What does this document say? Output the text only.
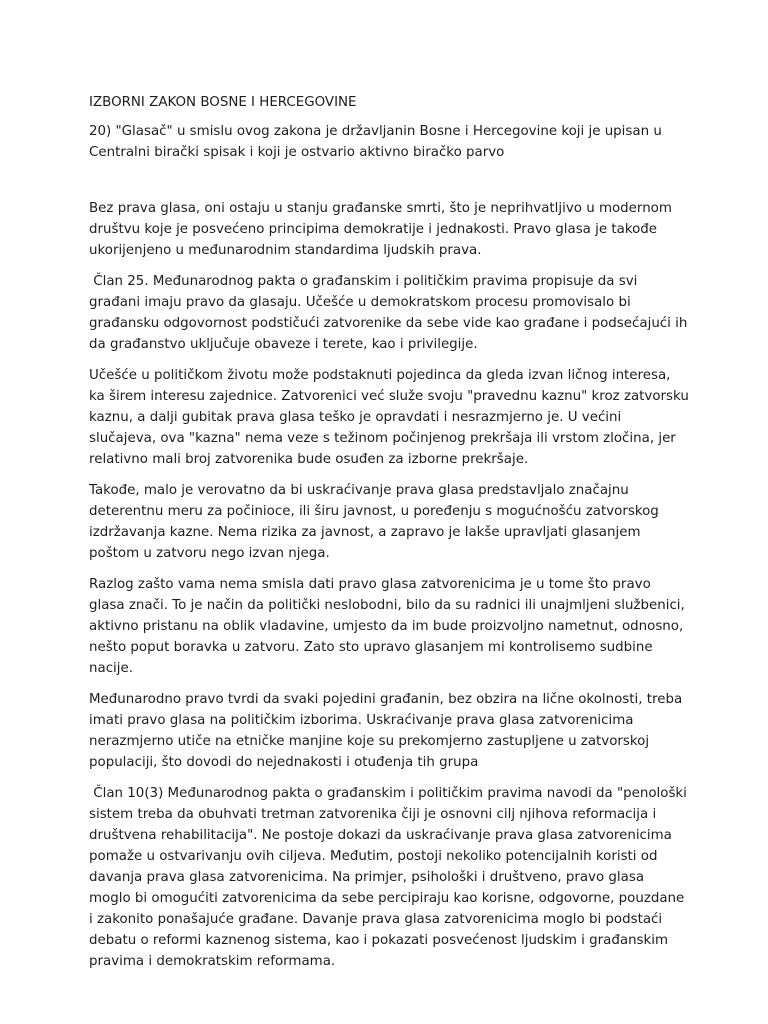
IZBORNI ZAKON BOSNE I HERCEGOVINE

20) "Glasač" u smislu ovog zakona je državljanin Bosne i Hercegovine koji je upisan u Centralni birački spisak i koji je ostvario aktivno biračko parvo

Bez prava glasa, oni ostaju u stanju građanske smrti, što je neprihvatljivo u modernom društvu koje je posvećeno principima demokratije i jednakosti. Pravo glasa je takođe ukorijenjeno u međunarodnim standardima ljudskih prava.

Član 25. Međunarodnog pakta o građanskim i političkim pravima propisuje da svi građani imaju pravo da glasaju. Učešće u demokratskom procesu promovisalo bi građansku odgovornost podstičući zatvorenike da sebe vide kao građane i podsećajući ih da građanstvo uključuje obaveze i terete, kao i privilegije.

Učešće u političkom životu može podstaknuti pojedinca da gleda izvan ličnog interesa, ka širem interesu zajednice. Zatvorenici već služe svoju "pravednu kaznu" kroz zatvorsku kaznu, a dalji gubitak prava glasa teško je opravdati i nesrazmjerno je. U većini slučajeva, ova "kazna" nema veze s težinom počinjenog prekršaja ili vrstom zločina, jer relativno mali broj zatvorenika bude osuđen za izborne prekršaje.

Takođe, malo je verovatno da bi uskraćivanje prava glasa predstavljalo značajnu deterentnu meru za počinioce, ili širu javnost, u poređenju s mogućnošću zatvorskog izdržavanja kazne. Nema rizika za javnost, a zapravo je lakše upravljati glasanjem poštom u zatvoru nego izvan njega.

Razlog zašto vama nema smisla dati pravo glasa zatvorenicima je u tome što pravo glasa znači. To je način da politički neslobodni, bilo da su radnici ili unajmljeni službenici, aktivno pristanu na oblik vladavine, umjesto da im bude proizvoljno nametnut, odnosno, nešto poput boravka u zatvoru. Zato sto upravo glasanjem mi kontrolisemo sudbine nacije.

Međunarodno pravo tvrdi da svaki pojedini građanin, bez obzira na lične okolnosti, treba imati pravo glasa na političkim izborima. Uskraćivanje prava glasa zatvorenicima nerazmjerno utiče na etničke manjine koje su prekomjerno zastupljene u zatvorskoj populaciji, što dovodi do nejednakosti i otuđenja tih grupa

Član 10(3) Međunarodnog pakta o građanskim i političkim pravima navodi da "penološki sistem treba da obuhvati tretman zatvorenika čiji je osnovni cilj njihova reformacija i društvena rehabilitacija". Ne postoje dokazi da uskraćivanje prava glasa zatvorenicima pomaže u ostvarivanju ovih ciljeva. Međutim, postoji nekoliko potencijalnih koristi od davanja prava glasa zatvorenicima. Na primjer, psihološki i društveno, pravo glasa moglo bi omogućiti zatvorenicima da sebe percipiraju kao korisne, odgovorne, pouzdane i zakonito ponašajuće građane. Davanje prava glasa zatvorenicima moglo bi podstaći debatu o reformi kaznenog sistema, kao i pokazati posvećenost ljudskim i građanskim pravima i demokratskim reformama.
